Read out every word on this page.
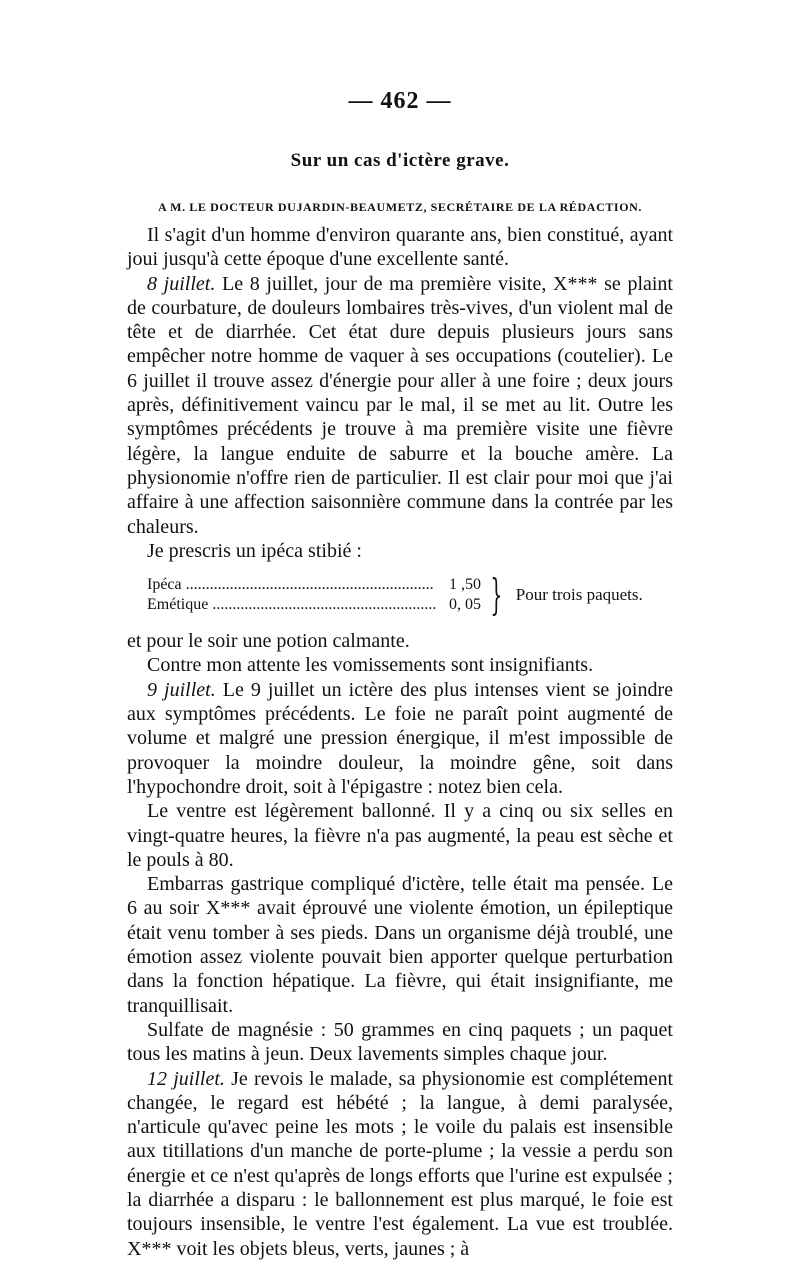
— 462 —
Sur un cas d'ictère grave.
A M. LE DOCTEUR DUJARDIN-BEAUMETZ, SECRÉTAIRE DE LA RÉDACTION.

Il s'agit d'un homme d'environ quarante ans, bien constitué, ayant joui jusqu'à cette époque d'une excellente santé.

8 juillet. Le 8 juillet, jour de ma première visite, X*** se plaint de courbature, de douleurs lombaires très-vives, d'un violent mal de tête et de diarrhée. Cet état dure depuis plusieurs jours sans empêcher notre homme de vaquer à ses occupations (coutelier). Le 6 juillet il trouve assez d'énergie pour aller à une foire ; deux jours après, définitivement vaincu par le mal, il se met au lit. Outre les symptômes précédents je trouve à ma première visite une fièvre légère, la langue enduite de saburre et la bouche amère. La physionomie n'offre rien de particulier. Il est clair pour moi que j'ai affaire à une affection saisonnière commune dans la contrée par les chaleurs.

Je prescris un ipéca stibié :

Ipéca .....	1 ,50
Emétique .....	0, 05 } Pour trois paquets.

et pour le soir une potion calmante.

Contre mon attente les vomissements sont insignifiants.

9 juillet. Le 9 juillet un ictère des plus intenses vient se joindre aux symptômes précédents. Le foie ne paraît point augmenté de volume et malgré une pression énergique, il m'est impossible de provoquer la moindre douleur, la moindre gêne, soit dans l'hypochondre droit, soit à l'épigastre : notez bien cela.

Le ventre est légèrement ballonné. Il y a cinq ou six selles en vingt-quatre heures, la fièvre n'a pas augmenté, la peau est sèche et le pouls à 80.

Embarras gastrique compliqué d'ictère, telle était ma pensée. Le 6 au soir X*** avait éprouvé une violente émotion, un épileptique était venu tomber à ses pieds. Dans un organisme déjà troublé, une émotion assez violente pouvait bien apporter quelque perturbation dans la fonction hépatique. La fièvre, qui était insignifiante, me tranquillisait.

Sulfate de magnésie : 50 grammes en cinq paquets ; un paquet tous les matins à jeun. Deux lavements simples chaque jour.

12 juillet. Je revois le malade, sa physionomie est complétement changée, le regard est hébété ; la langue, à demi paralysée, n'articule qu'avec peine les mots ; le voile du palais est insensible aux titillations d'un manche de porte-plume ; la vessie a perdu son énergie et ce n'est qu'après de longs efforts que l'urine est expulsée ; la diarrhée a disparu : le ballonnement est plus marqué, le foie est toujours insensible, le ventre l'est également. La vue est troublée. X*** voit les objets bleus, verts, jaunes ; à
